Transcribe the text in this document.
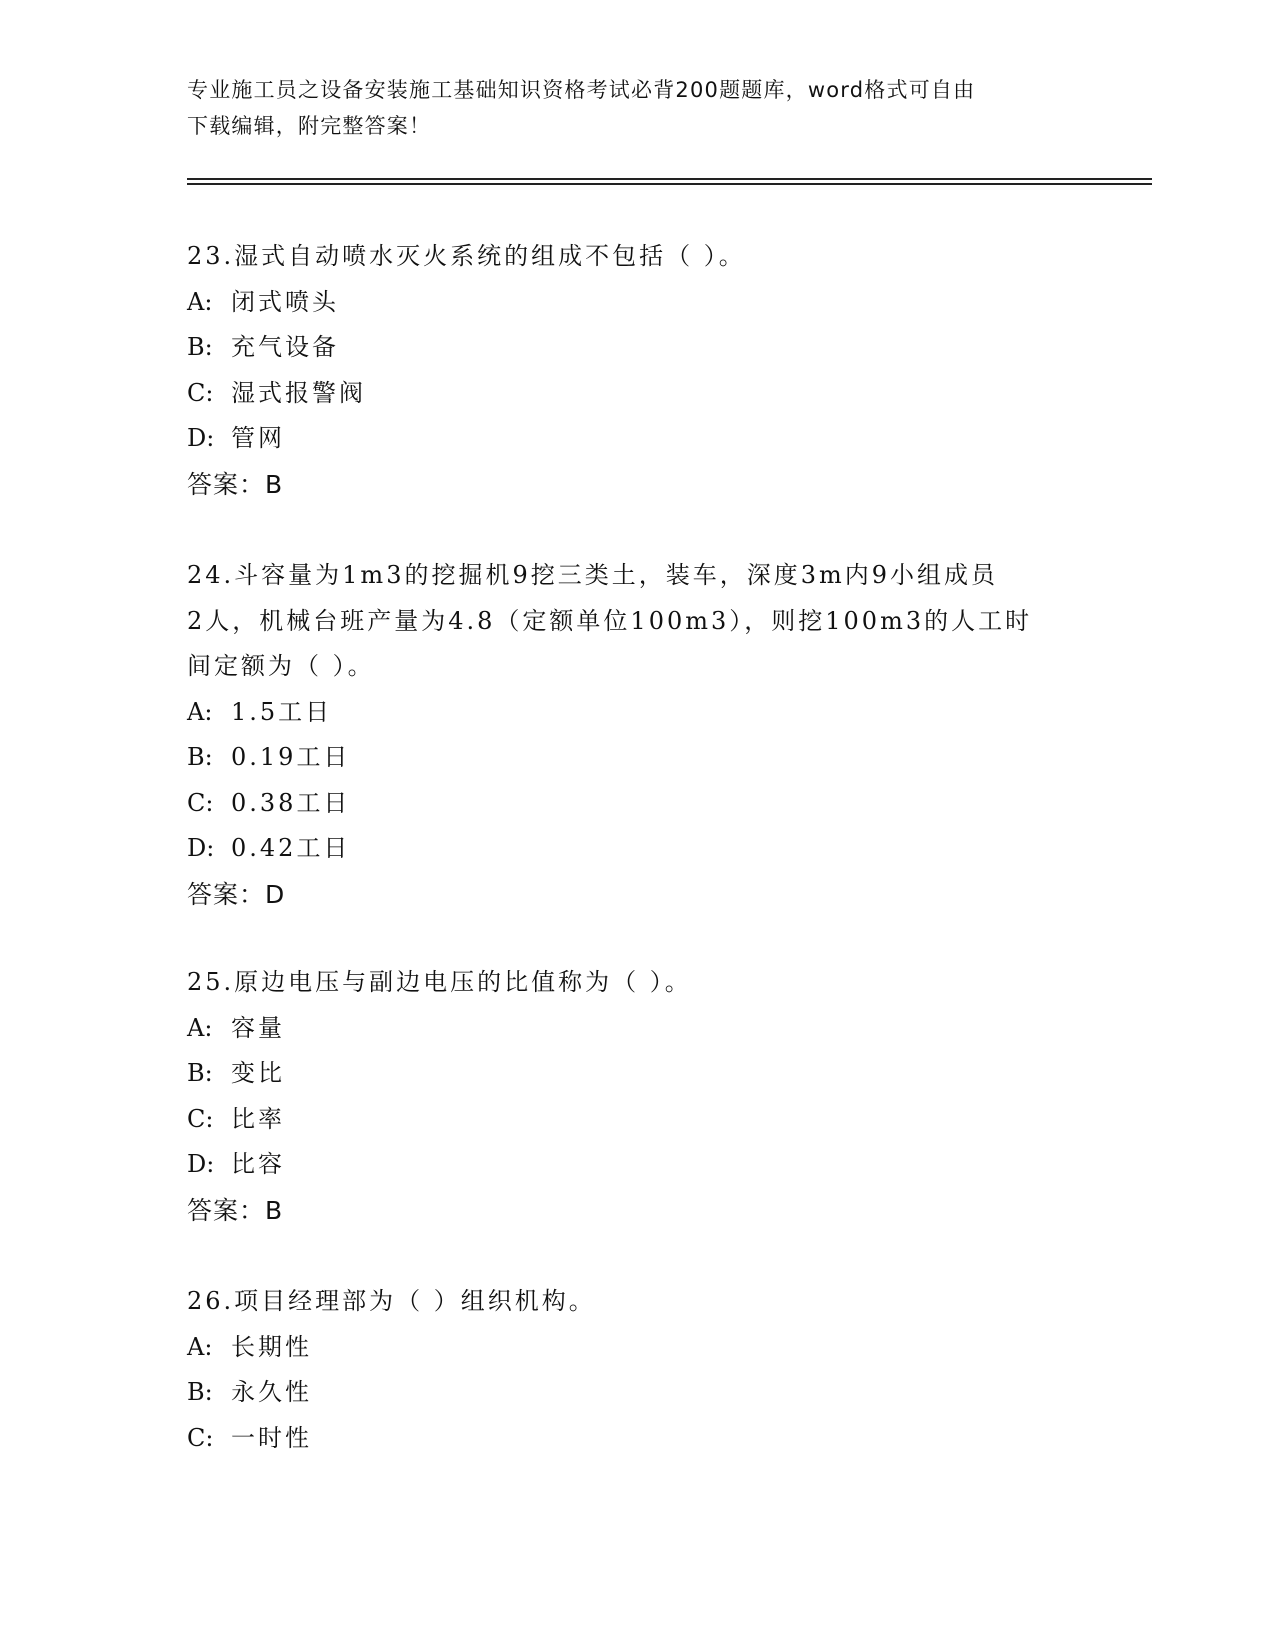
专业施工员之设备安装施工基础知识资格考试必背200题题库，word格式可自由
下载编辑，附完整答案！
23.湿式自动喷水灭火系统的组成不包括（ ）。
A: 闭式喷头
B: 充气设备
C: 湿式报警阀
D: 管网
答案：B
24.斗容量为1m3的挖掘机9挖三类土，装车，深度3m内9小组成员
2人，机械台班产量为4.8（定额单位100m3），则挖100m3的人工时
间定额为（ ）。
A: 1.5工日
B: 0.19工日
C: 0.38工日
D: 0.42工日
答案：D
25.原边电压与副边电压的比值称为（ ）。
A: 容量
B: 变比
C: 比率
D: 比容
答案：B
26.项目经理部为（ ）组织机构。
A: 长期性
B: 永久性
C: 一时性
